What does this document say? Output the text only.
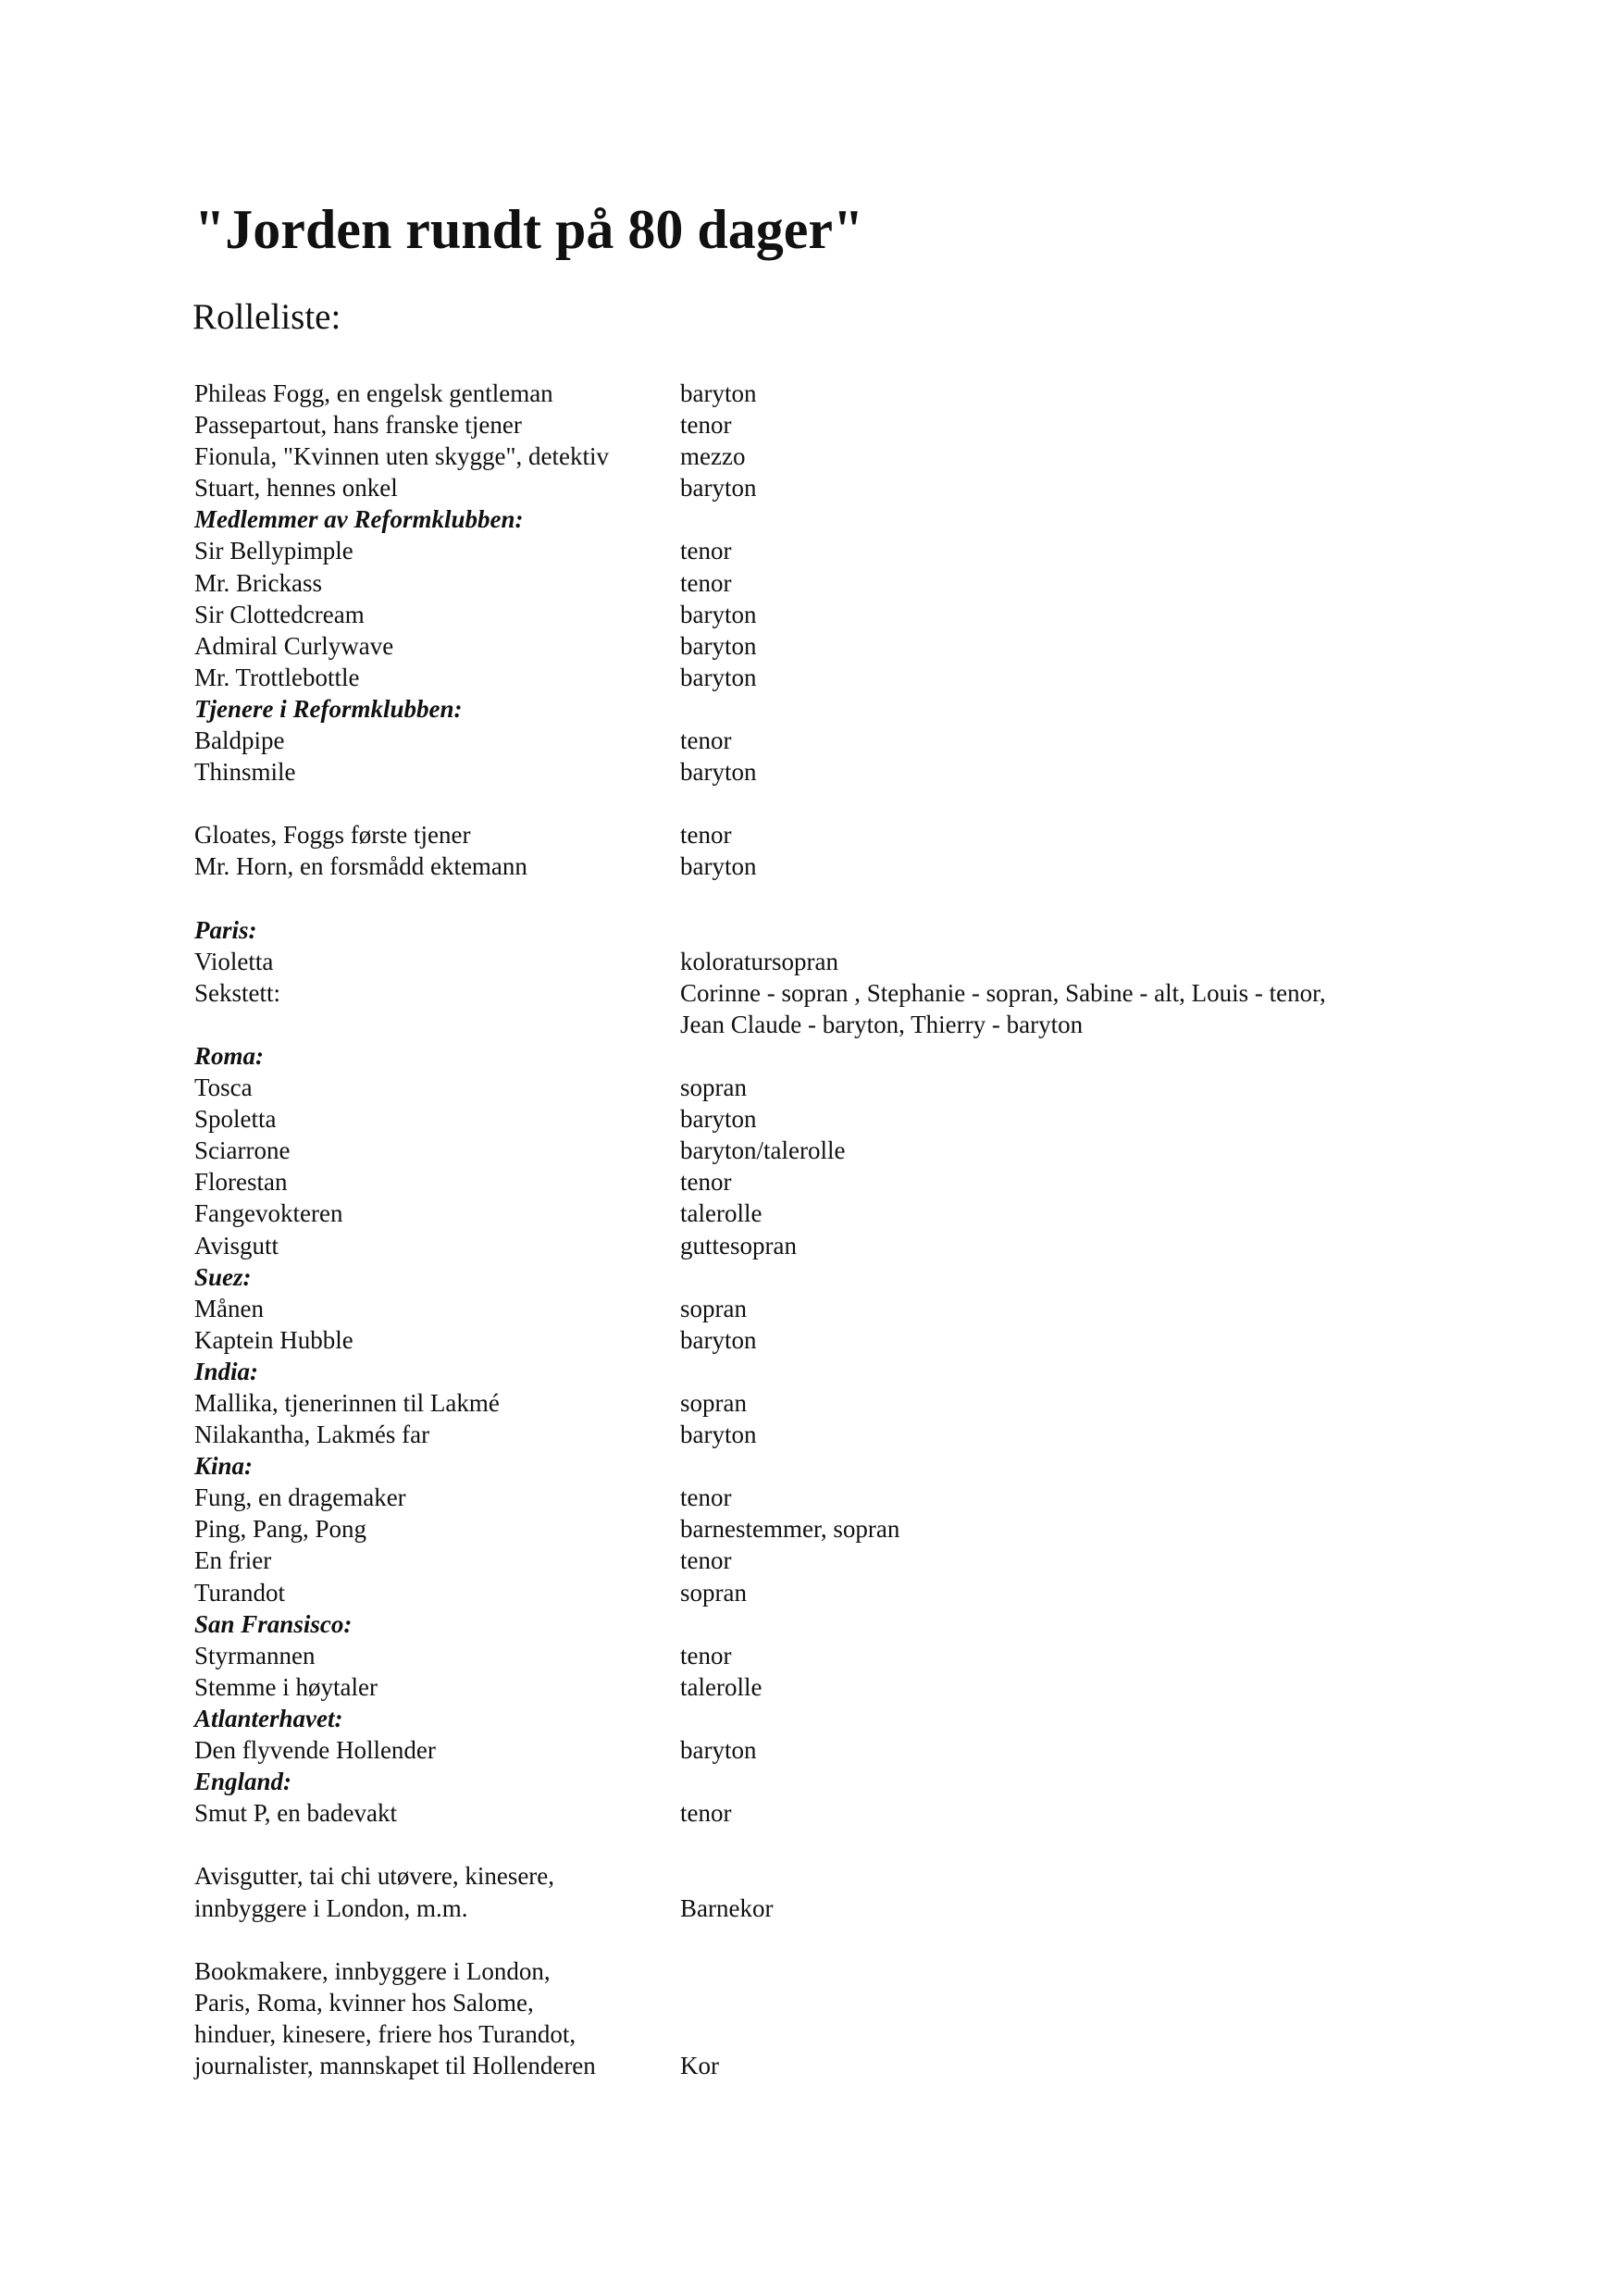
"Jorden rundt på 80 dager"
Rolleliste:
Phileas Fogg, en engelsk gentleman	baryton
Passepartout, hans franske tjener	tenor
Fionula, "Kvinnen uten skygge", detektiv	mezzo
Stuart, hennes onkel	baryton
Medlemmer av Reformklubben:
Sir Bellypimple	tenor
Mr. Brickass	tenor
Sir Clottedcream	baryton
Admiral Curlywave	baryton
Mr. Trottlebottle	baryton
Tjenere i Reformklubben:
Baldpipe	tenor
Thinsmile	baryton
Gloates, Foggs første tjener	tenor
Mr. Horn, en forsmådd ektemann	baryton
Paris:
Violetta	koloratursopran
Sekstett:	Corinne - sopran , Stephanie - sopran, Sabine - alt, Louis - tenor,
Jean Claude - baryton, Thierry - baryton
Roma:
Tosca	sopran
Spoletta	baryton
Sciarrone	baryton/talerolle
Florestan	tenor
Fangevokteren	talerolle
Avisgutt	guttesopran
Suez:
Månen	sopran
Kaptein Hubble	baryton
India:
Mallika, tjenerinnen til Lakmé	sopran
Nilakantha, Lakmés far	baryton
Kina:
Fung, en dragemaker	tenor
Ping, Pang, Pong	barnestemmer, sopran
En frier	tenor
Turandot	sopran
San Fransisco:
Styrmannen	tenor
Stemme i høytaler	talerolle
Atlanterhavet:
Den flyvende Hollender	baryton
England:
Smut P, en badevakt	tenor
Avisgutter, tai chi utøvere, kinesere,
innbyggere i London, m.m.	Barnekor
Bookmakere, innbyggere i London,
Paris, Roma, kvinner hos Salome,
hinduer, kinesere, friere hos Turandot,
journalister, mannskapet til Hollenderen	Kor
